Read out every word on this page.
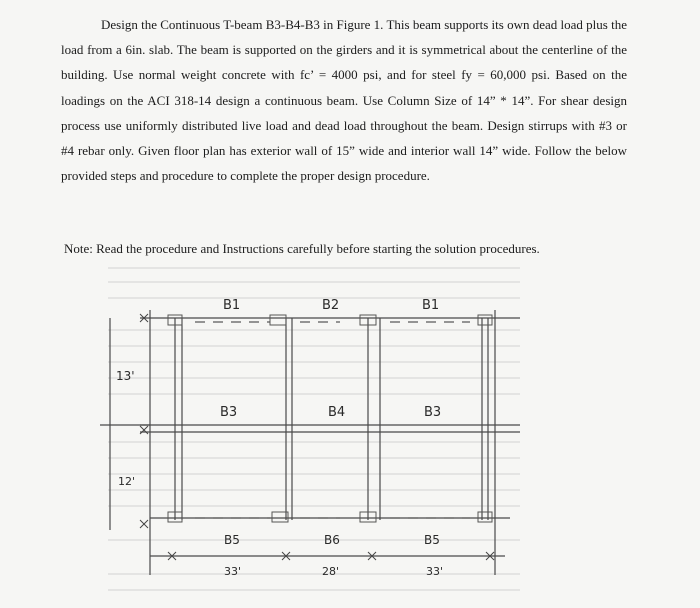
Design the Continuous T-beam B3-B4-B3 in Figure 1. This beam supports its own dead load plus the load from a 6in. slab. The beam is supported on the girders and it is symmetrical about the centerline of the building. Use normal weight concrete with fc’ = 4000 psi, and for steel fy = 60,000 psi. Based on the loadings on the ACI 318-14 design a continuous beam. Use Column Size of 14” * 14”. For shear design process use uniformly distributed live load and dead load throughout the beam. Design stirrups with #3 or #4 rebar only. Given floor plan has exterior wall of 15” wide and interior wall 14” wide. Follow the below provided steps and procedure to complete the proper design procedure.

Note: Read the procedure and Instructions carefully before starting the solution procedures.

B1	B2	B1
B3	B4	B3
B5	B6	B5
33'	28'	33'
13'
12'
